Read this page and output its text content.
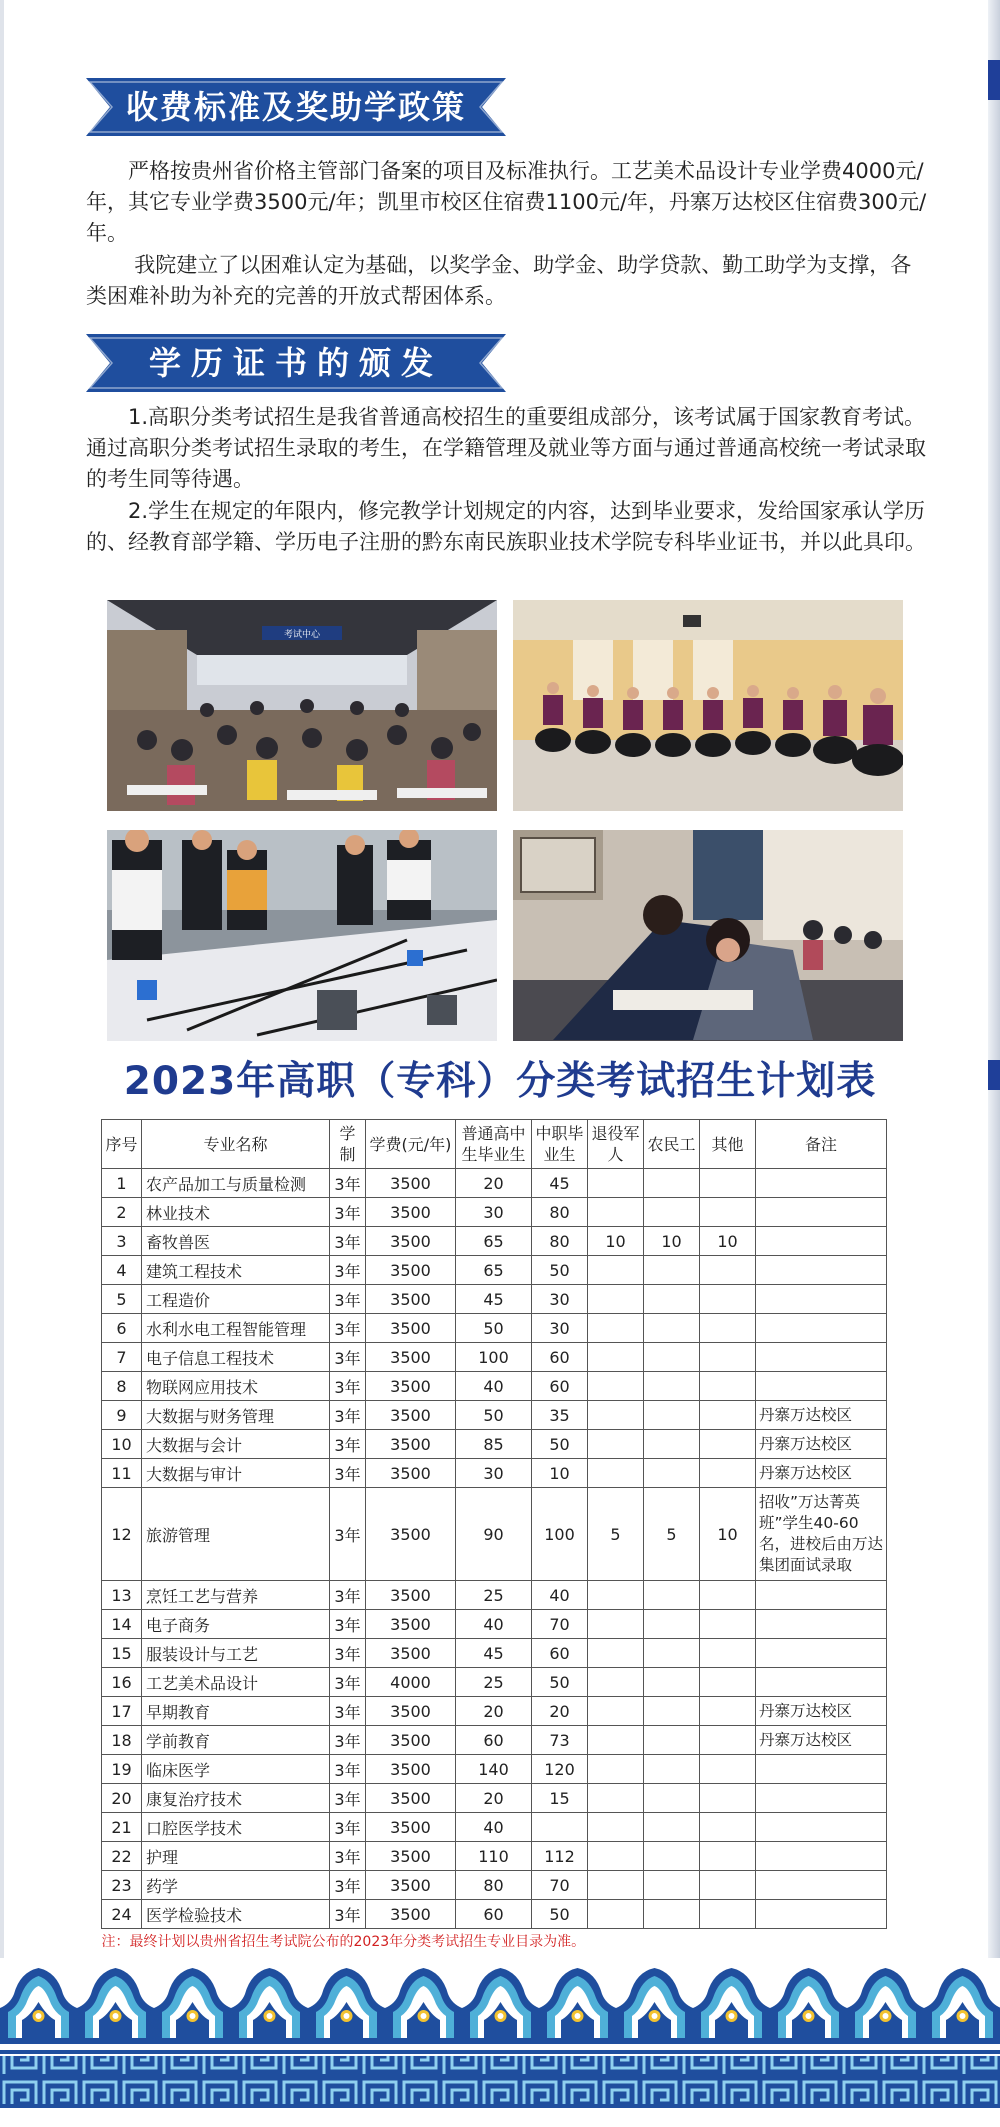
收费标准及奖助学政策

严格按贵州省价格主管部门备案的项目及标准执行。工艺美术品设计专业学费4000元/年，其它专业学费3500元/年；凯里市校区住宿费1100元/年，丹寨万达校区住宿费300元/年。

我院建立了以困难认定为基础，以奖学金、助学金、助学贷款、勤工助学为支撑，各类困难补助为补充的完善的开放式帮困体系。

学历证书的颁发

1.高职分类考试招生是我省普通高校招生的重要组成部分，该考试属于国家教育考试。通过高职分类考试招生录取的考生，在学籍管理及就业等方面与通过普通高校统一考试录取的考生同等待遇。

2.学生在规定的年限内，修完教学计划规定的内容，达到毕业要求，发给国家承认学历的、经教育部学籍、学历电子注册的黔东南民族职业技术学院专科毕业证书，并以此具印。

考试中心
2023年高职（专科）分类考试招生计划表
序号	专业名称	学制	学费(元/年)	普通高中生毕业生	中职毕业生	退役军人	农民工	其他	备注
1	农产品加工与质量检测	3年	3500	20	45				
2	林业技术	3年	3500	30	80				
3	畜牧兽医	3年	3500	65	80	10	10	10	
4	建筑工程技术	3年	3500	65	50				
5	工程造价	3年	3500	45	30				
6	水利水电工程智能管理	3年	3500	50	30				
7	电子信息工程技术	3年	3500	100	60				
8	物联网应用技术	3年	3500	40	60				
9	大数据与财务管理	3年	3500	50	35				丹寨万达校区
10	大数据与会计	3年	3500	85	50				丹寨万达校区
11	大数据与审计	3年	3500	30	10				丹寨万达校区
12	旅游管理	3年	3500	90	100	5	5	10	招收”万达菁英班”学生40-60名，进校后由万达集团面试录取
13	烹饪工艺与营养	3年	3500	25	40				
14	电子商务	3年	3500	40	70				
15	服装设计与工艺	3年	3500	45	60				
16	工艺美术品设计	3年	4000	25	50				
17	早期教育	3年	3500	20	20				丹寨万达校区
18	学前教育	3年	3500	60	73				丹寨万达校区
19	临床医学	3年	3500	140	120				
20	康复治疗技术	3年	3500	20	15				
21	口腔医学技术	3年	3500	40					
22	护理	3年	3500	110	112				
23	药学	3年	3500	80	70				
24	医学检验技术	3年	3500	60	50				
注：最终计划以贵州省招生考试院公布的2023年分类考试招生专业目录为准。									
